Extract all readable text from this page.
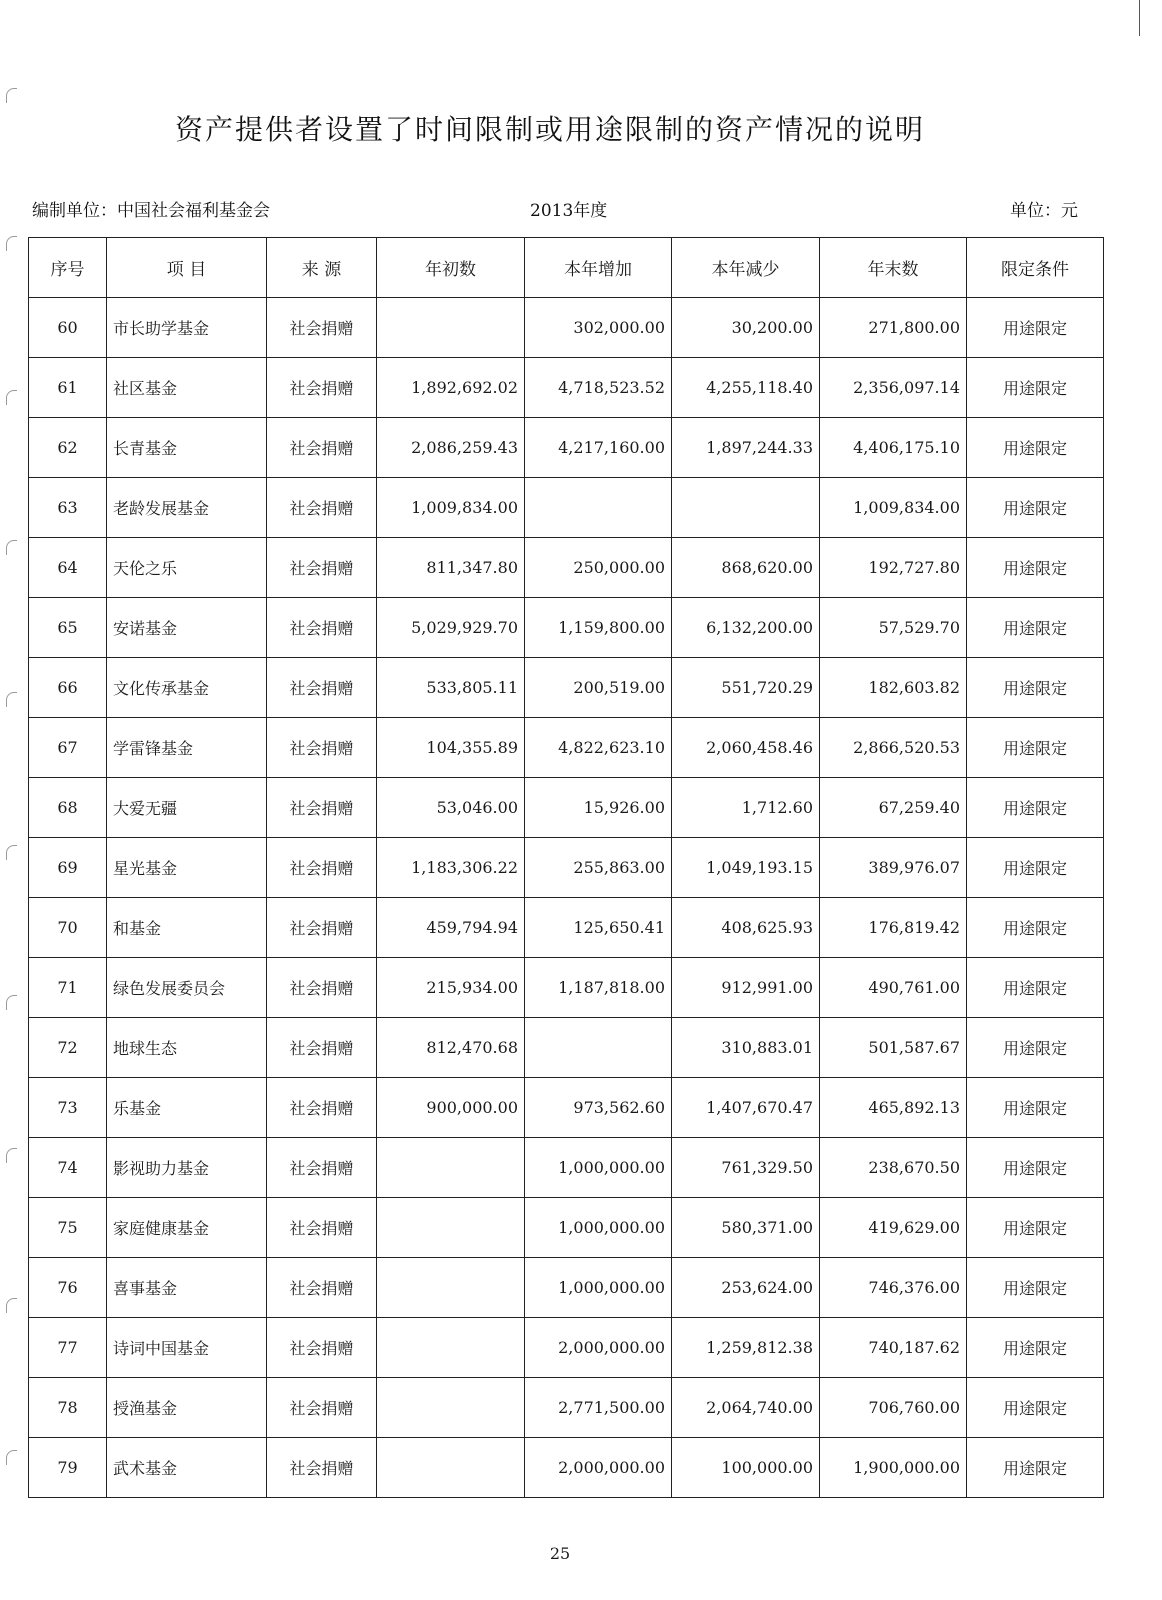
资产提供者设置了时间限制或用途限制的资产情况的说明
编制单位：中国社会福利基金会	2013年度	单位：元
序号	项 目	来 源	年初数	本年增加	本年减少	年末数	限定条件
60	市长助学基金	社会捐赠		302,000.00	30,200.00	271,800.00	用途限定
61	社区基金	社会捐赠	1,892,692.02	4,718,523.52	4,255,118.40	2,356,097.14	用途限定
62	长青基金	社会捐赠	2,086,259.43	4,217,160.00	1,897,244.33	4,406,175.10	用途限定
63	老龄发展基金	社会捐赠	1,009,834.00			1,009,834.00	用途限定
64	天伦之乐	社会捐赠	811,347.80	250,000.00	868,620.00	192,727.80	用途限定
65	安诺基金	社会捐赠	5,029,929.70	1,159,800.00	6,132,200.00	57,529.70	用途限定
66	文化传承基金	社会捐赠	533,805.11	200,519.00	551,720.29	182,603.82	用途限定
67	学雷锋基金	社会捐赠	104,355.89	4,822,623.10	2,060,458.46	2,866,520.53	用途限定
68	大爱无疆	社会捐赠	53,046.00	15,926.00	1,712.60	67,259.40	用途限定
69	星光基金	社会捐赠	1,183,306.22	255,863.00	1,049,193.15	389,976.07	用途限定
70	和基金	社会捐赠	459,794.94	125,650.41	408,625.93	176,819.42	用途限定
71	绿色发展委员会	社会捐赠	215,934.00	1,187,818.00	912,991.00	490,761.00	用途限定
72	地球生态	社会捐赠	812,470.68		310,883.01	501,587.67	用途限定
73	乐基金	社会捐赠	900,000.00	973,562.60	1,407,670.47	465,892.13	用途限定
74	影视助力基金	社会捐赠		1,000,000.00	761,329.50	238,670.50	用途限定
75	家庭健康基金	社会捐赠		1,000,000.00	580,371.00	419,629.00	用途限定
76	喜事基金	社会捐赠		1,000,000.00	253,624.00	746,376.00	用途限定
77	诗词中国基金	社会捐赠		2,000,000.00	1,259,812.38	740,187.62	用途限定
78	授渔基金	社会捐赠		2,771,500.00	2,064,740.00	706,760.00	用途限定
79	武术基金	社会捐赠		2,000,000.00	100,000.00	1,900,000.00	用途限定
25
